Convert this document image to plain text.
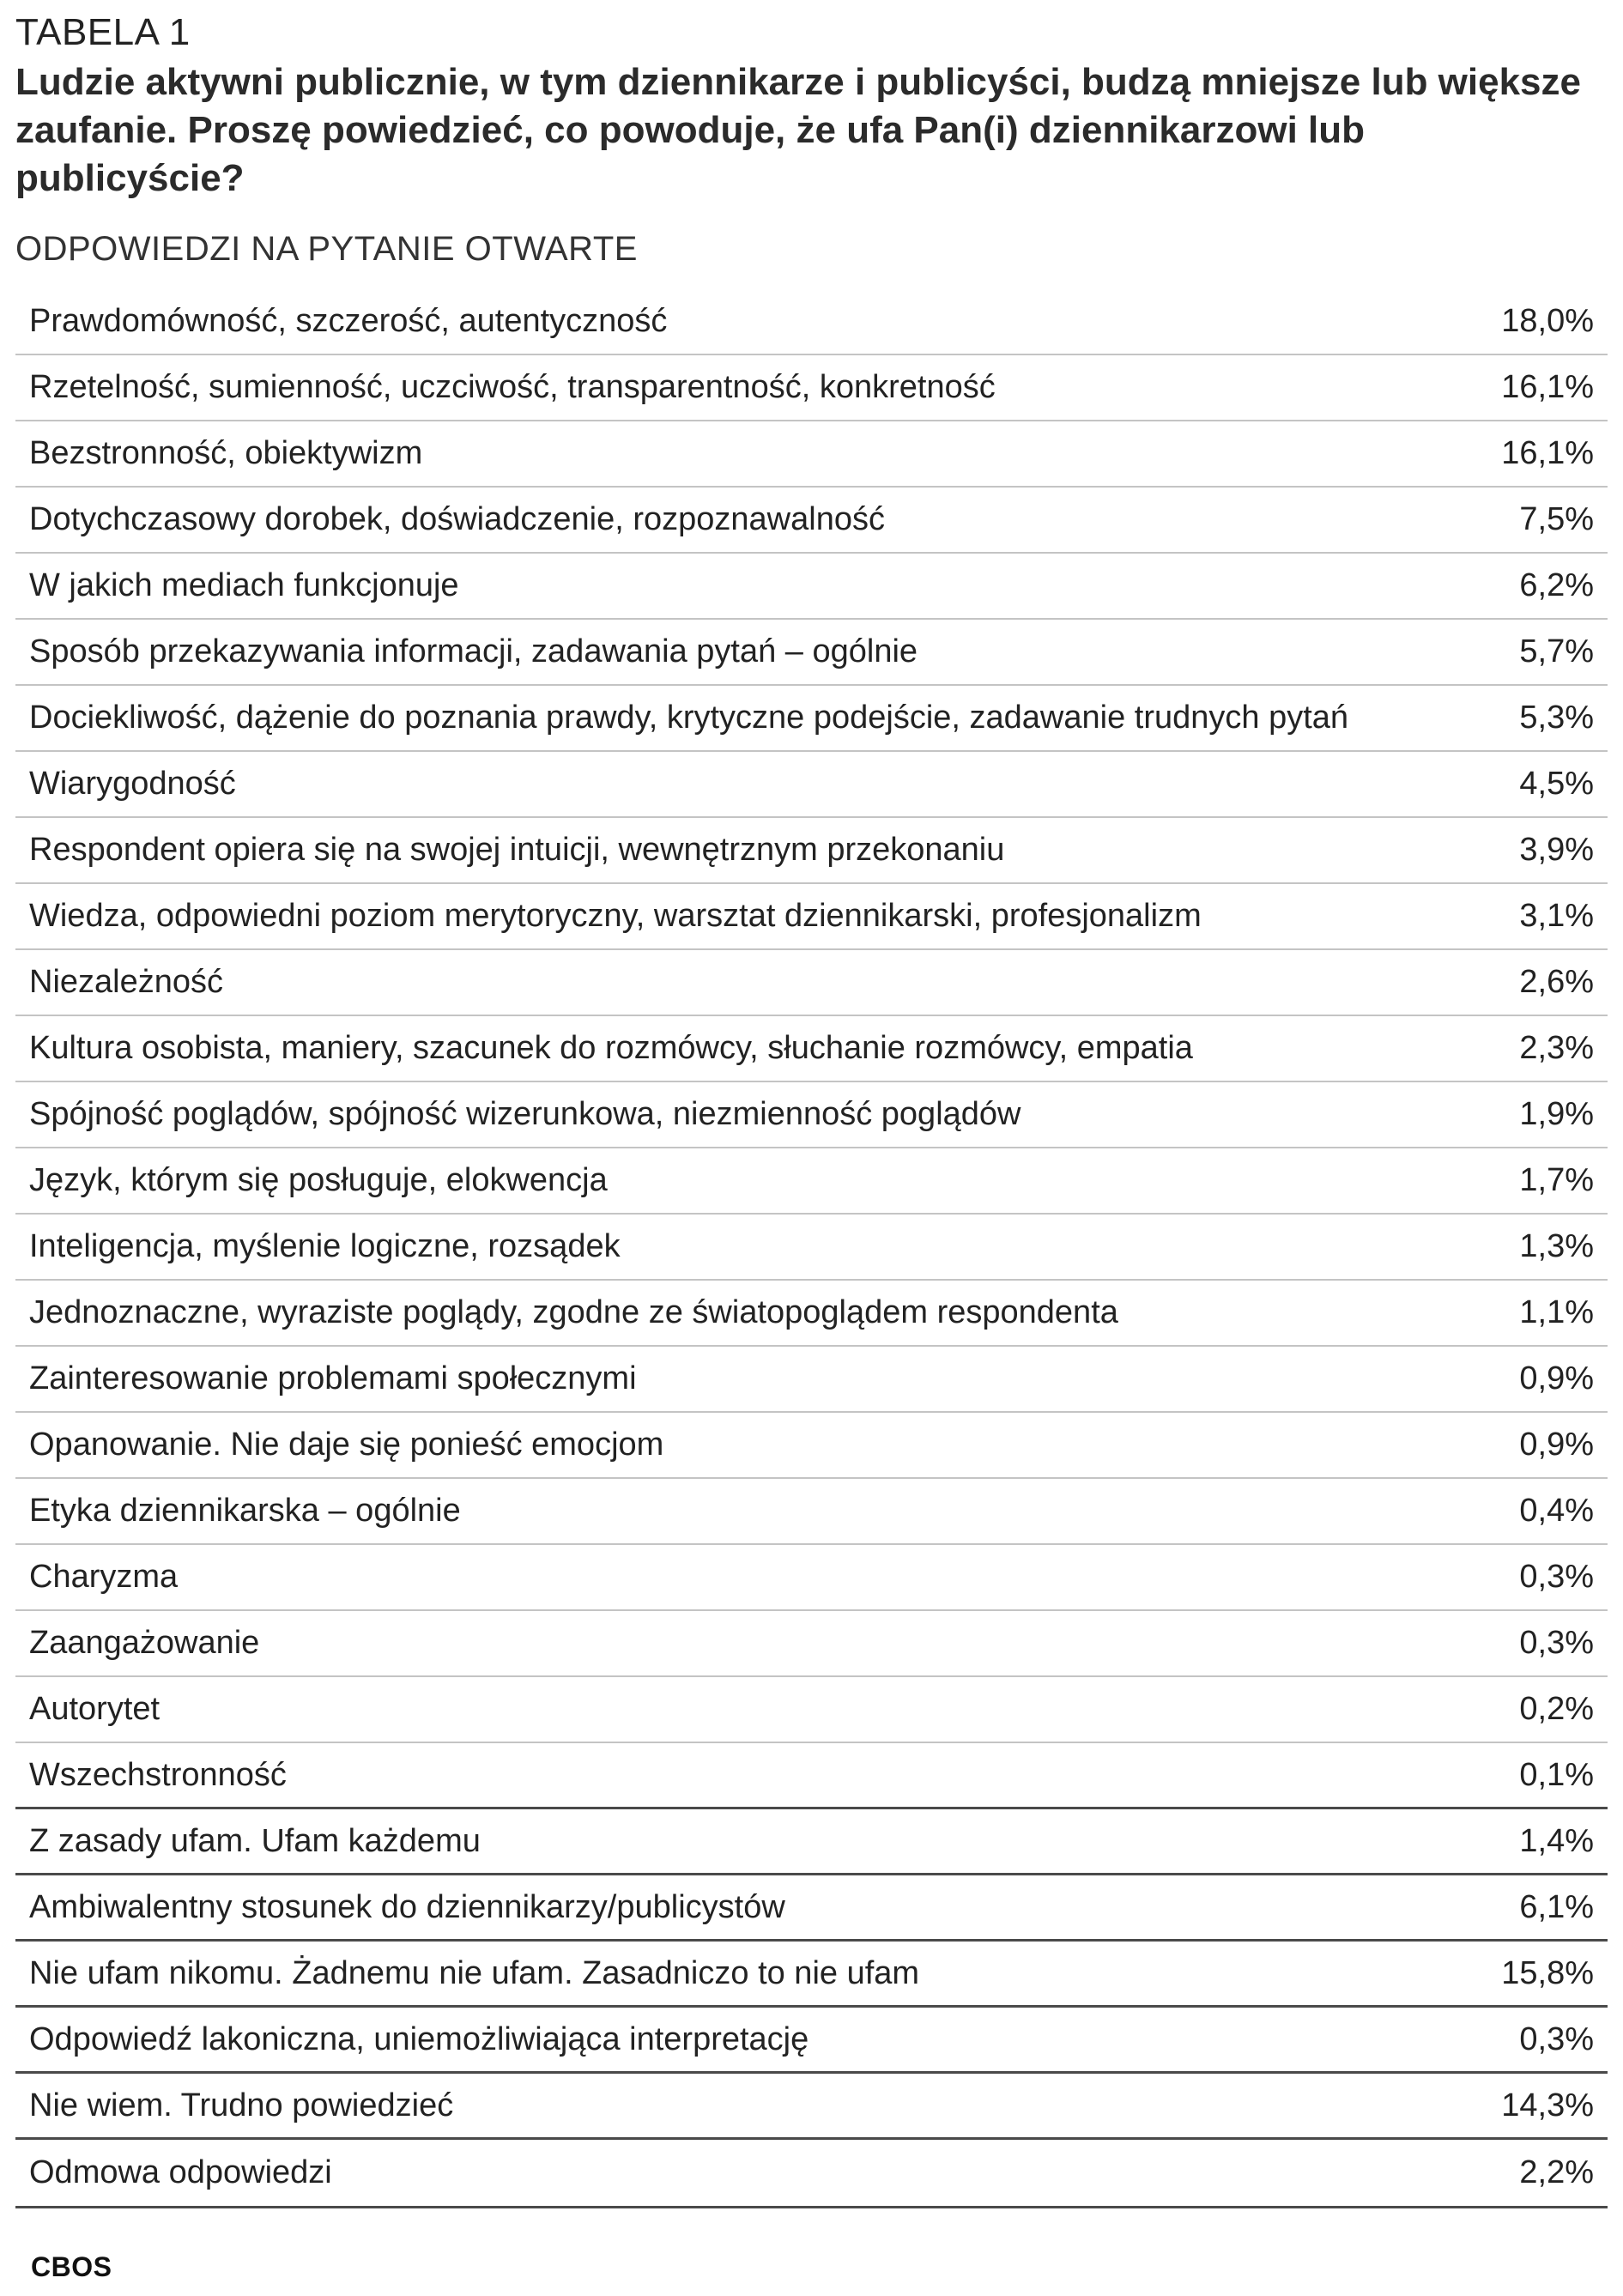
TABELA 1
Ludzie aktywni publicznie, w tym dziennikarze i publicyści, budzą mniejsze lub większe zaufanie. Proszę powiedzieć, co powoduje, że ufa Pan(i) dziennikarzowi lub publicyście?
ODPOWIEDZI NA PYTANIE OTWARTE
Prawdomówność, szczerość, autentyczność	18,0%
Rzetelność, sumienność, uczciwość, transparentność, konkretność	16,1%
Bezstronność, obiektywizm	16,1%
Dotychczasowy dorobek, doświadczenie, rozpoznawalność	7,5%
W jakich mediach funkcjonuje	6,2%
Sposób przekazywania informacji, zadawania pytań – ogólnie	5,7%
Dociekliwość, dążenie do poznania prawdy, krytyczne podejście, zadawanie trudnych pytań	5,3%
Wiarygodność	4,5%
Respondent opiera się na swojej intuicji, wewnętrznym przekonaniu	3,9%
Wiedza, odpowiedni poziom merytoryczny, warsztat dziennikarski, profesjonalizm	3,1%
Niezależność	2,6%
Kultura osobista, maniery, szacunek do rozmówcy, słuchanie rozmówcy, empatia	2,3%
Spójność poglądów, spójność wizerunkowa, niezmienność poglądów	1,9%
Język, którym się posługuje, elokwencja	1,7%
Inteligencja, myślenie logiczne, rozsądek	1,3%
Jednoznaczne, wyraziste poglądy, zgodne ze światopoglądem respondenta	1,1%
Zainteresowanie problemami społecznymi	0,9%
Opanowanie. Nie daje się ponieść emocjom	0,9%
Etyka dziennikarska – ogólnie	0,4%
Charyzma	0,3%
Zaangażowanie	0,3%
Autorytet	0,2%
Wszechstronność	0,1%
Z zasady ufam. Ufam każdemu	1,4%
Ambiwalentny stosunek do dziennikarzy/publicystów	6,1%
Nie ufam nikomu. Żadnemu nie ufam. Zasadniczo to nie ufam	15,8%
Odpowiedź lakoniczna, uniemożliwiająca interpretację	0,3%
Nie wiem. Trudno powiedzieć	14,3%
Odmowa odpowiedzi	2,2%
CBOS
